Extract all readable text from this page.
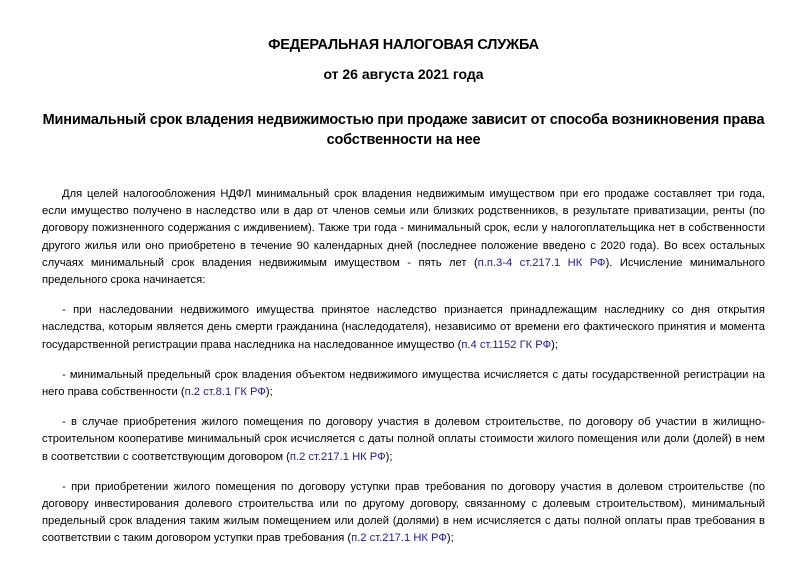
ФЕДЕРАЛЬНАЯ НАЛОГОВАЯ СЛУЖБА
от 26 августа 2021 года
Минимальный срок владения недвижимостью при продаже зависит от способа возникновения права собственности на нее

Для целей налогообложения НДФЛ минимальный срок владения недвижимым имуществом при его продаже составляет три года, если имущество получено в наследство или в дар от членов семьи или близких родственников, в результате приватизации, ренты (по договору пожизненного содержания с иждивением). Также три года - минимальный срок, если у налогоплательщика нет в собственности другого жилья или оно приобретено в течение 90 календарных дней (последнее положение введено с 2020 года). Во всех остальных случаях минимальный срок владения недвижимым имуществом - пять лет (п.п.3-4 ст.217.1 НК РФ). Исчисление минимального предельного срока начинается:

- при наследовании недвижимого имущества принятое наследство признается принадлежащим наследнику со дня открытия наследства, которым является день смерти гражданина (наследодателя), независимо от времени его фактического принятия и момента государственной регистрации права наследника на наследованное имущество (п.4 ст.1152 ГК РФ);

- минимальный предельный срок владения объектом недвижимого имущества исчисляется с даты государственной регистрации на него права собственности (п.2 ст.8.1 ГК РФ);

- в случае приобретения жилого помещения по договору участия в долевом строительстве, по договору об участии в жилищно-строительном кооперативе минимальный срок исчисляется с даты полной оплаты стоимости жилого помещения или доли (долей) в нем в соответствии с соответствующим договором (п.2 ст.217.1 НК РФ);

- при приобретении жилого помещения по договору уступки прав требования по договору участия в долевом строительстве (по договору инвестирования долевого строительства или по другому договору, связанному с долевым строительством), минимальный предельный срок владения таким жилым помещением или долей (долями) в нем исчисляется с даты полной оплаты прав требования в соответствии с таким договором уступки прав требования (п.2 ст.217.1 НК РФ);
